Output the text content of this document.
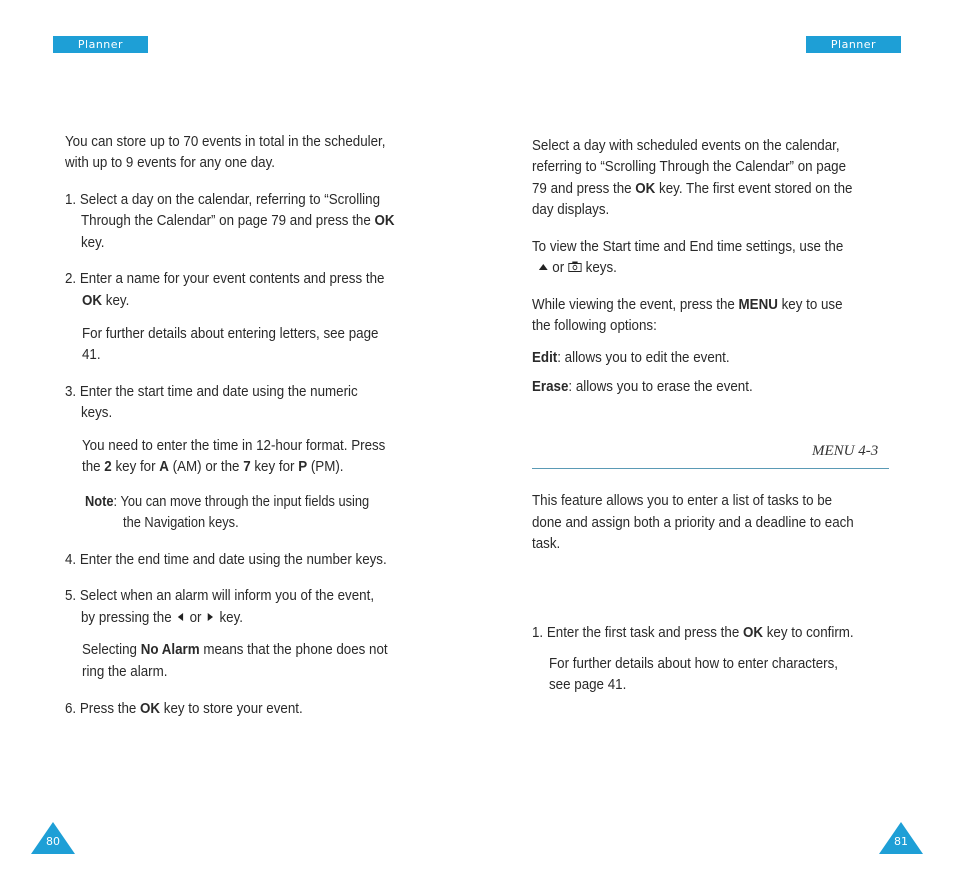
Planner	Planner
You can store up to 70 events in total in the scheduler,
with up to 9 events for any one day.
1. Select a day on the calendar, referring to “Scrolling
Through the Calendar” on page 79 and press the OK
key.
2. Enter a name for your event contents and press the
OK key.
For further details about entering letters, see page
41.
3. Enter the start time and date using the numeric
keys.
You need to enter the time in 12-hour format. Press
the 2 key for A (AM) or the 7 key for P (PM).
Note: You can move through the input fields using
the Navigation keys.
4. Enter the end time and date using the number keys.
5. Select when an alarm will inform you of the event,
by pressing the  or  key.
Selecting No Alarm means that the phone does not
ring the alarm.
6. Press the OK key to store your event.
80
Select a day with scheduled events on the calendar,
referring to “Scrolling Through the Calendar” on page
79 and press the OK key. The first event stored on the
day displays.
To view the Start time and End time settings, use the
or  keys.
While viewing the event, press the MENU key to use
the following options:
Edit: allows you to edit the event.
Erase: allows you to erase the event.
MENU 4-3
This feature allows you to enter a list of tasks to be
done and assign both a priority and a deadline to each
task.
1. Enter the first task and press the OK key to confirm.
For further details about how to enter characters,
see page 41.
81
